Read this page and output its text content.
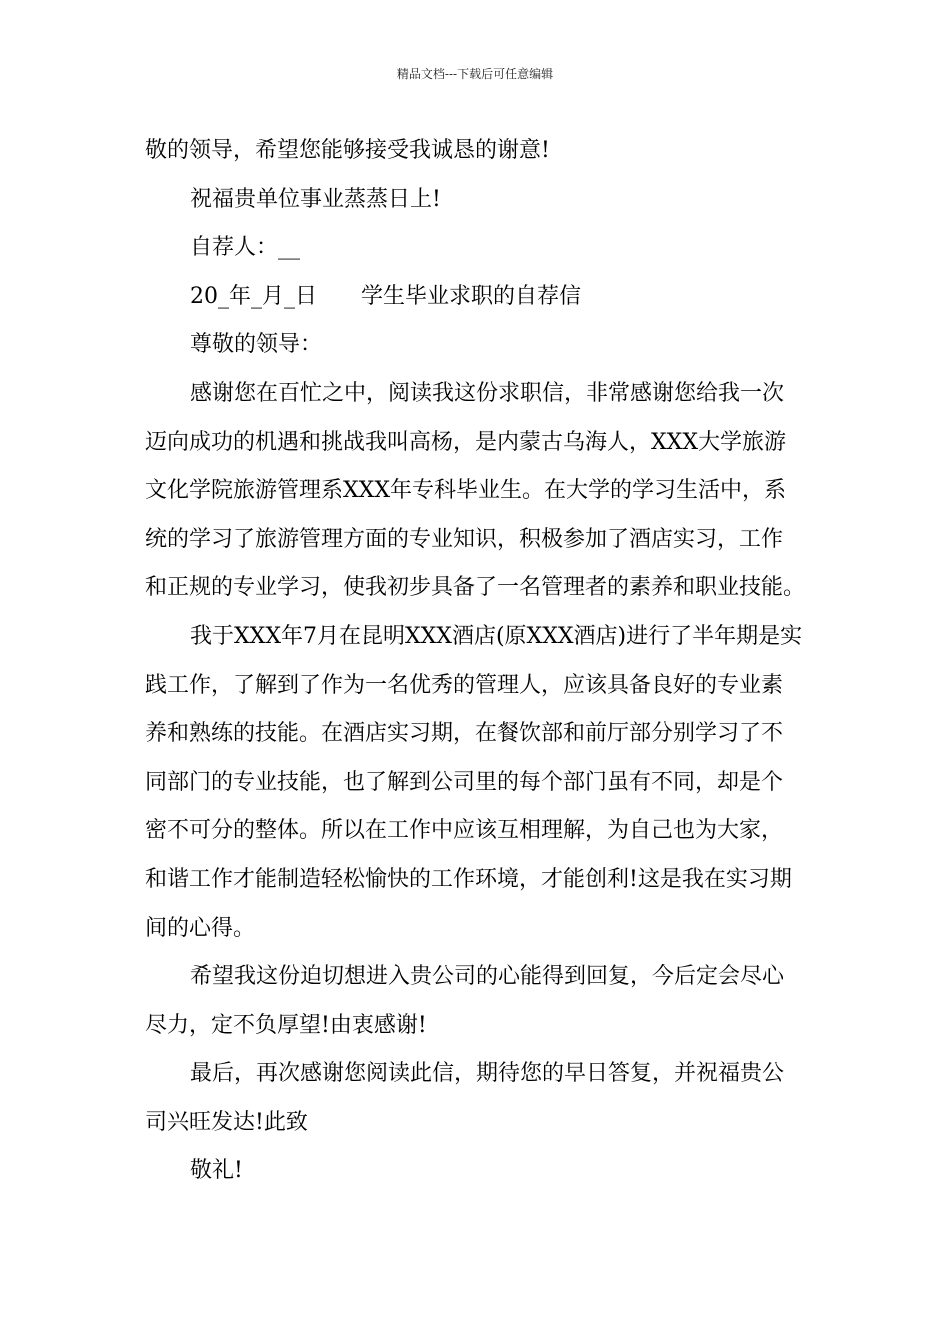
精品文档---下载后可任意编辑
敬的领导，希望您能够接受我诚恳的谢意!
祝福贵单位事业蒸蒸日上!
自荐人：__
20_年_月_日 学生毕业求职的自荐信
尊敬的领导：
感谢您在百忙之中，阅读我这份求职信，非常感谢您给我一次
迈向成功的机遇和挑战我叫高杨，是内蒙古乌海人，XXX大学旅游
文化学院旅游管理系XXX年专科毕业生。在大学的学习生活中，系
统的学习了旅游管理方面的专业知识，积极参加了酒店实习，工作
和正规的专业学习，使我初步具备了一名管理者的素养和职业技能。
我于XXX年7月在昆明XXX酒店(原XXX酒店)进行了半年期是实
践工作，了解到了作为一名优秀的管理人，应该具备良好的专业素
养和熟练的技能。在酒店实习期，在餐饮部和前厅部分别学习了不
同部门的专业技能，也了解到公司里的每个部门虽有不同，却是个
密不可分的整体。所以在工作中应该互相理解，为自己也为大家，
和谐工作才能制造轻松愉快的工作环境，才能创利!这是我在实习期
间的心得。
希望我这份迫切想进入贵公司的心能得到回复，今后定会尽心
尽力，定不负厚望!由衷感谢!
最后，再次感谢您阅读此信，期待您的早日答复，并祝福贵公
司兴旺发达!此致
敬礼!
